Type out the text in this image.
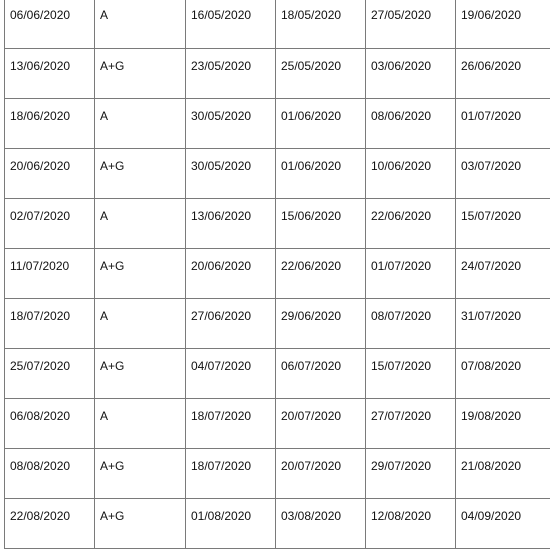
06/06/2020	A	16/05/2020	18/05/2020	27/05/2020	19/06/2020
13/06/2020	A+G	23/05/2020	25/05/2020	03/06/2020	26/06/2020
18/06/2020	A	30/05/2020	01/06/2020	08/06/2020	01/07/2020
20/06/2020	A+G	30/05/2020	01/06/2020	10/06/2020	03/07/2020
02/07/2020	A	13/06/2020	15/06/2020	22/06/2020	15/07/2020
11/07/2020	A+G	20/06/2020	22/06/2020	01/07/2020	24/07/2020
18/07/2020	A	27/06/2020	29/06/2020	08/07/2020	31/07/2020
25/07/2020	A+G	04/07/2020	06/07/2020	15/07/2020	07/08/2020
06/08/2020	A	18/07/2020	20/07/2020	27/07/2020	19/08/2020
08/08/2020	A+G	18/07/2020	20/07/2020	29/07/2020	21/08/2020
22/08/2020	A+G	01/08/2020	03/08/2020	12/08/2020	04/09/2020
